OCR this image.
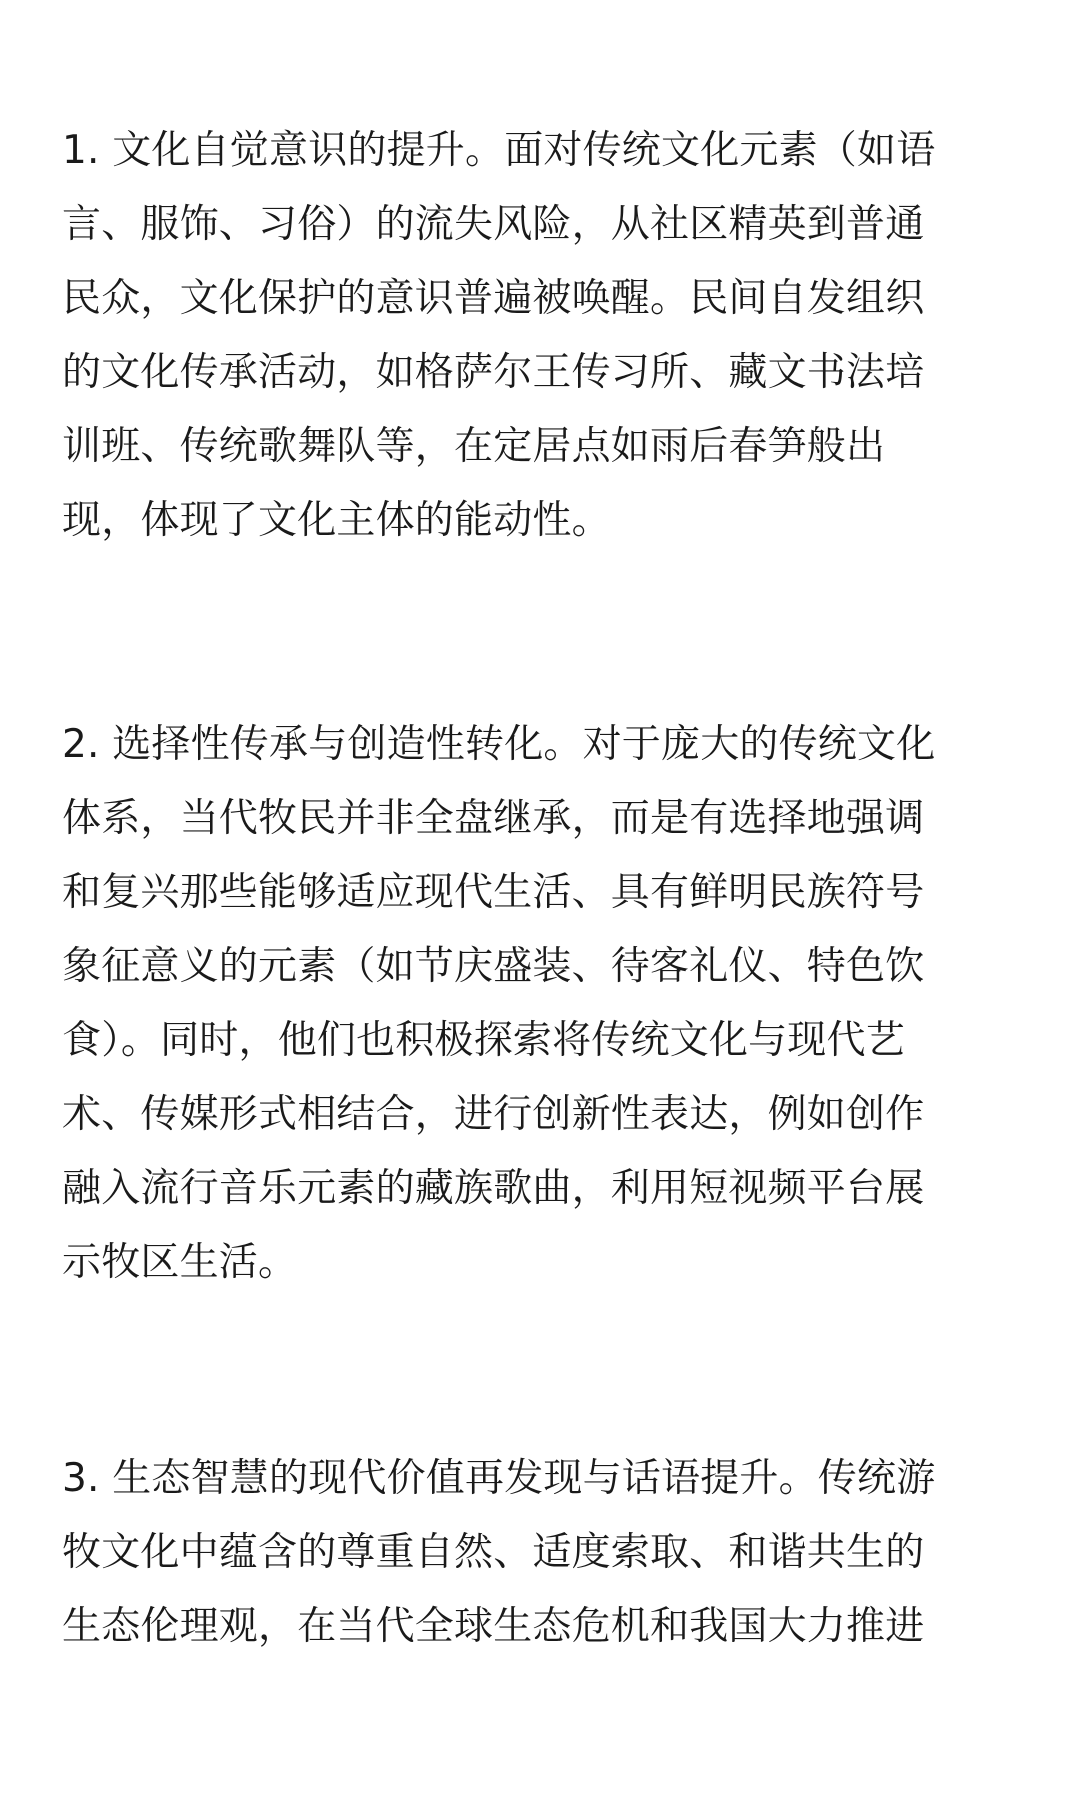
1. 文化自觉意识的提升。面对传统文化元素（如语
言、服饰、习俗）的流失风险，从社区精英到普通
民众，文化保护的意识普遍被唤醒。民间自发组织
的文化传承活动，如格萨尔王传习所、藏文书法培
训班、传统歌舞队等，在定居点如雨后春笋般出
现，体现了文化主体的能动性。

2. 选择性传承与创造性转化。对于庞大的传统文化
体系，当代牧民并非全盘继承，而是有选择地强调
和复兴那些能够适应现代生活、具有鲜明民族符号
象征意义的元素（如节庆盛装、待客礼仪、特色饮
食）。同时，他们也积极探索将传统文化与现代艺
术、传媒形式相结合，进行创新性表达，例如创作
融入流行音乐元素的藏族歌曲，利用短视频平台展
示牧区生活。

3. 生态智慧的现代价值再发现与话语提升。传统游
牧文化中蕴含的尊重自然、适度索取、和谐共生的
生态伦理观，在当代全球生态危机和我国大力推进
